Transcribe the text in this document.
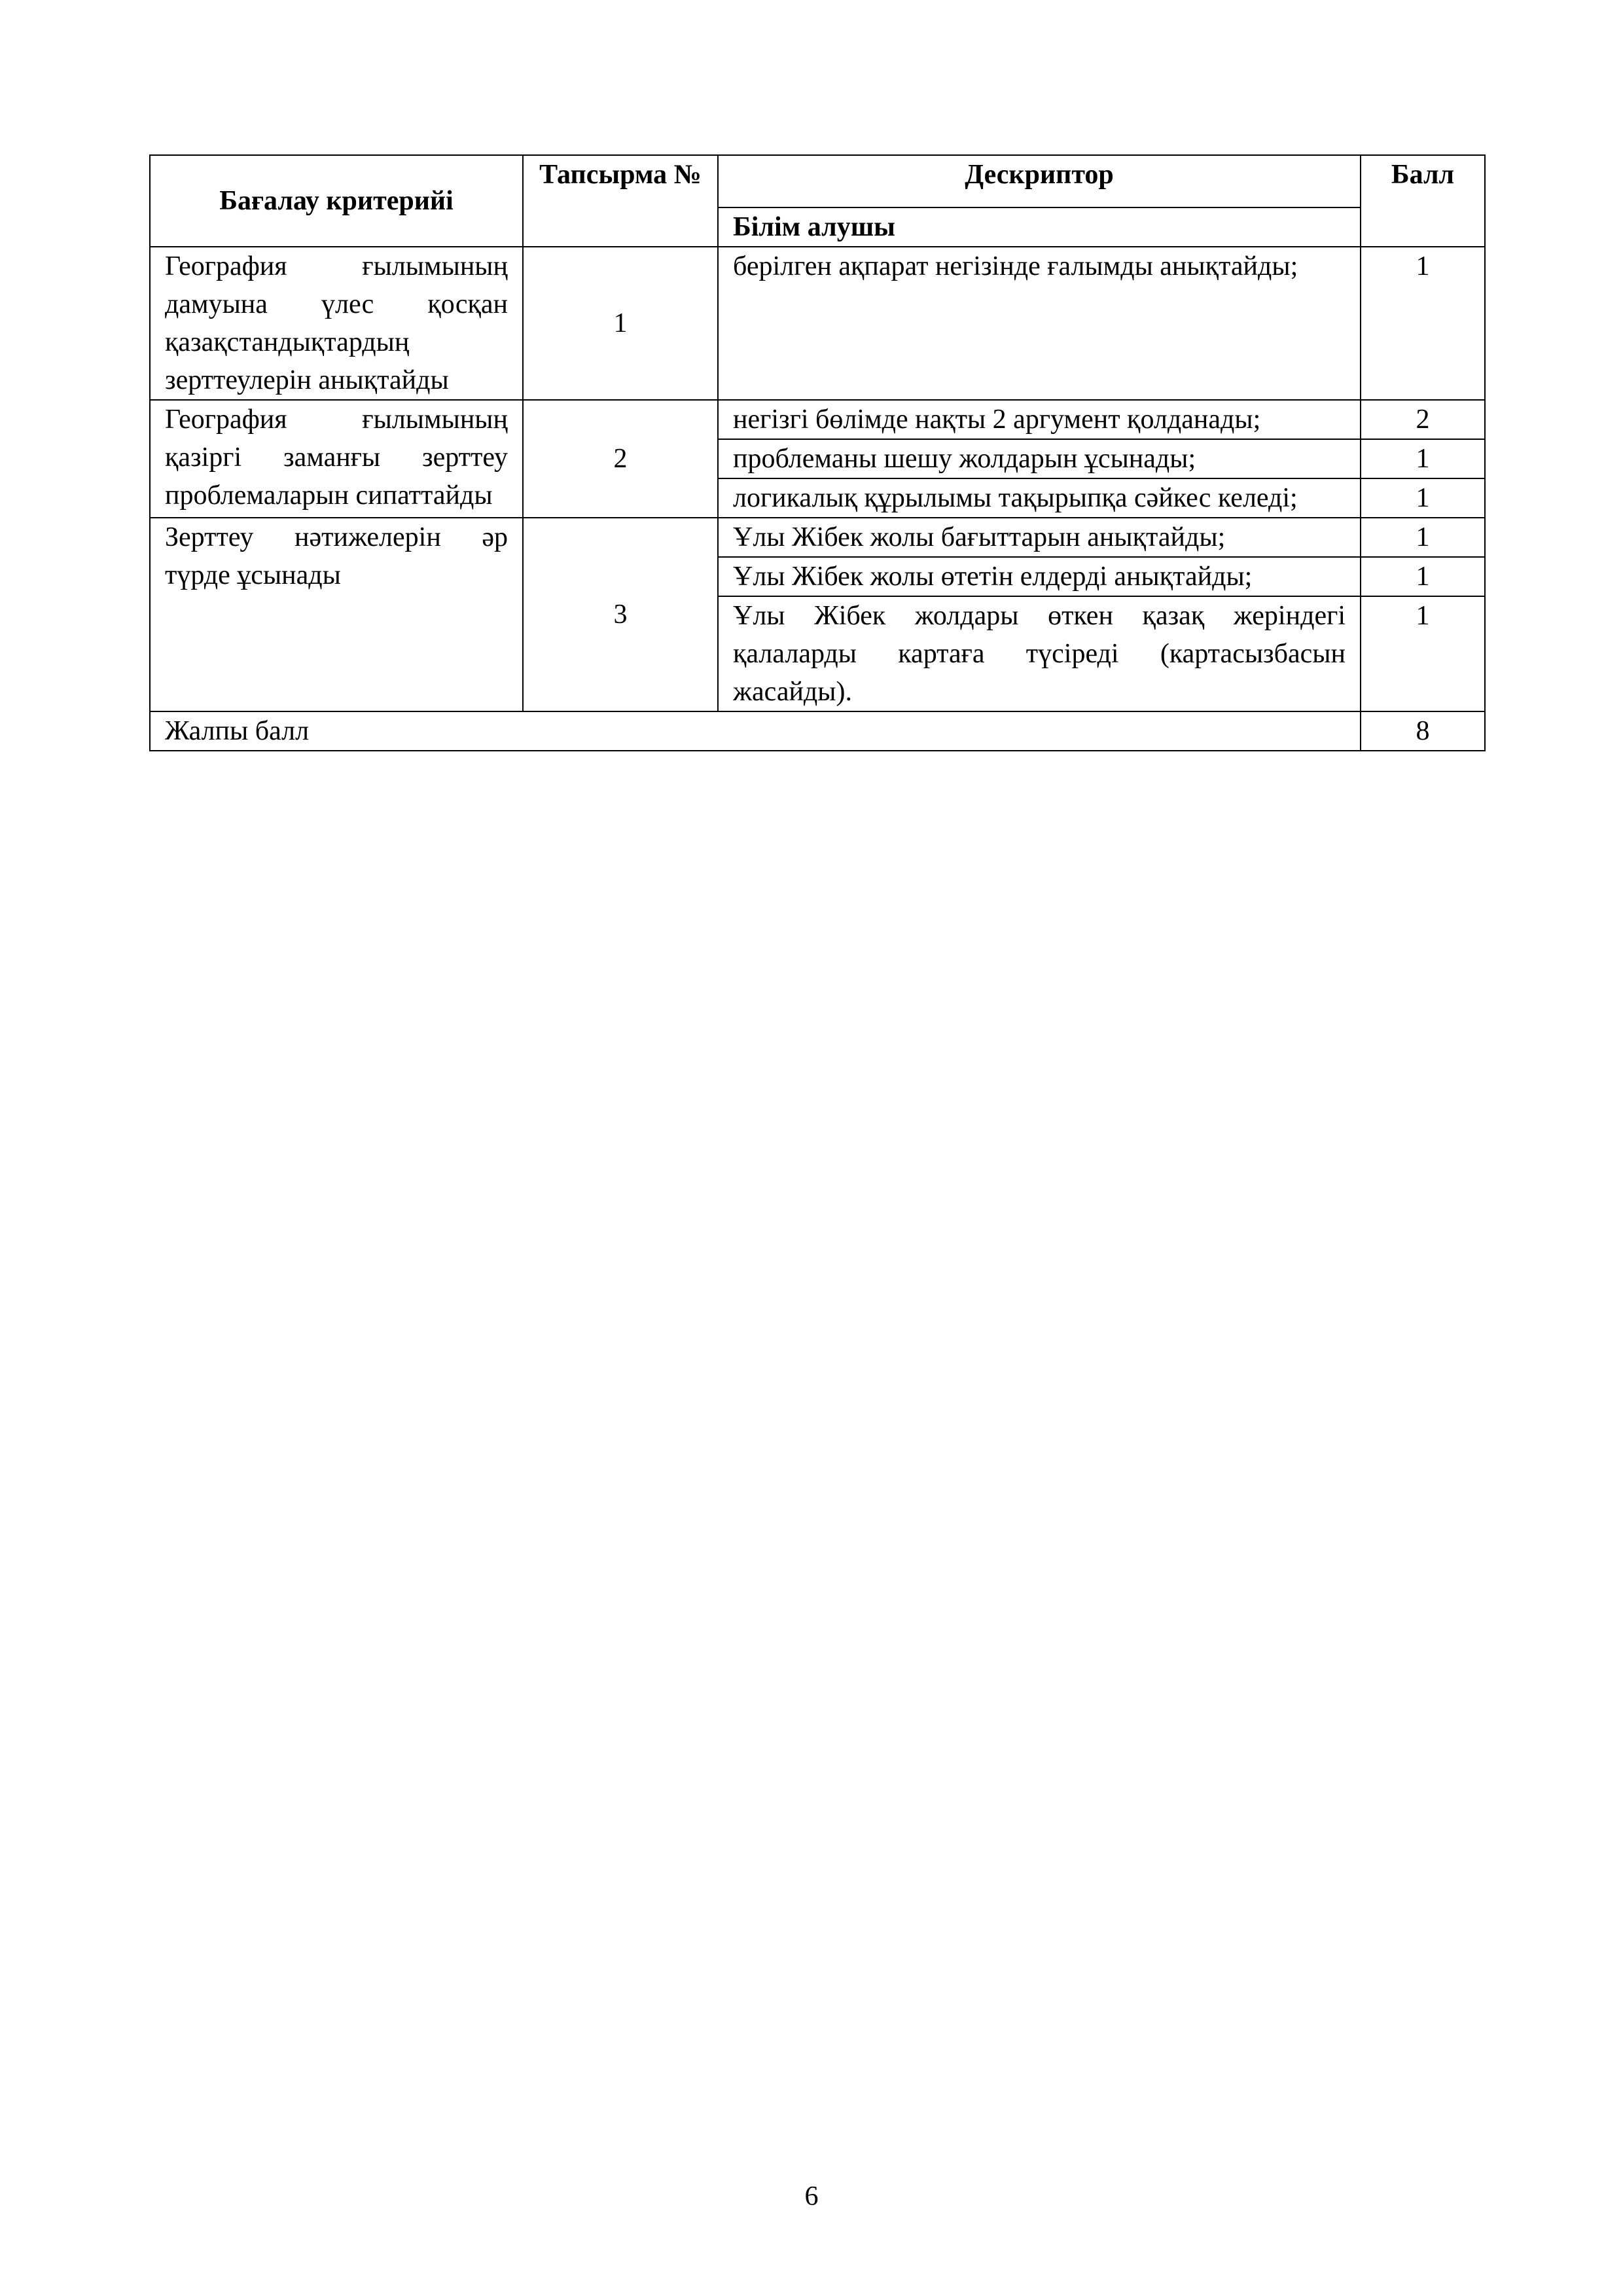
Бағалау критерийі	Тапсырма №	Дескриптор	Балл
		Білім алушы	
География ғылымының дамуына үлес қосқан қазақстандықтардың зерттеулерін анықтайды	1	берілген ақпарат негізінде ғалымды анықтайды;	1
География ғылымының қазіргі заманғы зерттеу проблемаларын сипаттайды	2	негізгі бөлімде нақты 2 аргумент қолданады;	2
		проблеманы шешу жолдарын ұсынады;	1
		логикалық құрылымы тақырыпқа сәйкес келеді;	1
Зерттеу нәтижелерін әр түрде ұсынады	3	Ұлы Жібек жолы бағыттарын анықтайды;	1
		Ұлы Жібек жолы өтетін елдерді анықтайды;	1
		Ұлы Жібек жолдары өткен қазақ жеріндегі қалаларды картаға түсіреді (картасызбасын жасайды).	1
Жалпы балл			8
6
